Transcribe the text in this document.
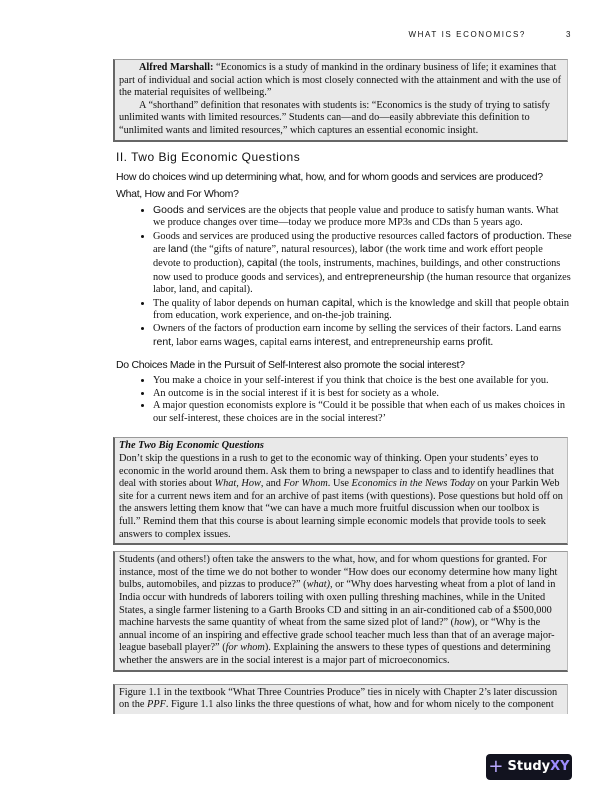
WHAT IS ECONOMICS?	3

Alfred Marshall: “Economics is a study of mankind in the ordinary business of life; it examines that part of individual and social action which is most closely connected with the attainment and with the use of the material requisites of wellbeing.”

A “shorthand” definition that resonates with students is: “Economics is the study of trying to satisfy unlimited wants with limited resources.” Students can—and do—easily abbreviate this definition to “unlimited wants and limited resources,” which captures an essential economic insight.

II. Two Big Economic Questions
How do choices wind up determining what, how, and for whom goods and services are produced?
What, How and For Whom?
• Goods and services are the objects that people value and produce to satisfy human wants. What we produce changes over time—today we produce more MP3s and CDs than 5 years ago.
• Goods and services are produced using the productive resources called factors of production. These are land (the “gifts of nature”, natural resources), labor (the work time and work effort people devote to production), capital (the tools, instruments, machines, buildings, and other constructions now used to produce goods and services), and entrepreneurship (the human resource that organizes labor, land, and capital).
• The quality of labor depends on human capital, which is the knowledge and skill that people obtain from education, work experience, and on-the-job training.
• Owners of the factors of production earn income by selling the services of their factors. Land earns rent, labor earns wages, capital earns interest, and entrepreneurship earns profit.
Do Choices Made in the Pursuit of Self-Interest also promote the social interest?
• You make a choice in your self-interest if you think that choice is the best one available for you.
• An outcome is in the social interest if it is best for society as a whole.
• A major question economists explore is “Could it be possible that when each of us makes choices in our self-interest, these choices are in the social interest?’

The Two Big Economic Questions

Don’t skip the questions in a rush to get to the economic way of thinking. Open your students’ eyes to economic in the world around them. Ask them to bring a newspaper to class and to identify headlines that deal with stories about What, How, and For Whom. Use Economics in the News Today on your Parkin Web site for a current news item and for an archive of past items (with questions). Pose questions but hold off on the answers letting them know that “we can have a much more fruitful discussion when our toolbox is full.” Remind them that this course is about learning simple economic models that provide tools to seek answers to complex issues.

Students (and others!) often take the answers to the what, how, and for whom questions for granted. For instance, most of the time we do not bother to wonder “How does our economy determine how many light bulbs, automobiles, and pizzas to produce?” (what), or “Why does harvesting wheat from a plot of land in India occur with hundreds of laborers toiling with oxen pulling threshing machines, while in the United States, a single farmer listening to a Garth Brooks CD and sitting in an air-conditioned cab of a $500,000 machine harvests the same quantity of wheat from the same sized plot of land?” (how), or “Why is the annual income of an inspiring and effective grade school teacher much less than that of an average major-league baseball player?” (for whom). Explaining the answers to these types of questions and determining whether the answers are in the social interest is a major part of microeconomics.

Figure 1.1 in the textbook “What Three Countries Produce” ties in nicely with Chapter 2’s later discussion on the PPF. Figure 1.1 also links the three questions of what, how and for whom nicely to the component

+ StudyXY
